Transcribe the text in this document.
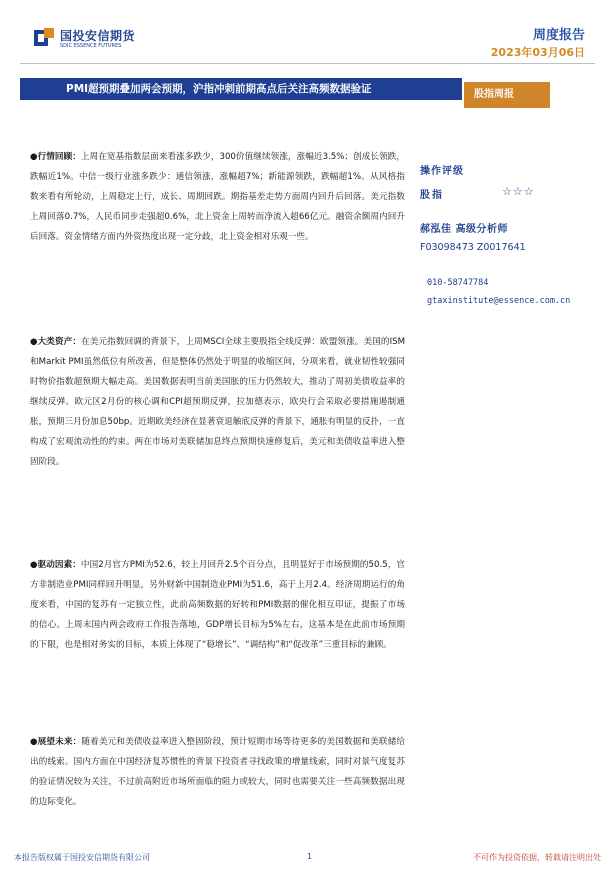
国投安信期货
SDIC ESSENCE FUTURES
周度报告
2023年03月06日
PMI超预期叠加两会预期，沪指冲刺前期高点后关注高频数据验证	股指周报
●行情回顾：上周在宽基指数层面来看涨多跌少，300价值继续领涨，涨幅近3.5%；创成长领跌，跌幅近1%。中信一级行业涨多跌少：通信领涨，涨幅超7%；新能源领跌，跌幅超1%。从风格指数来看有所轮动，上周稳定上行，成长、周期回跌。期指基差走势方面周内回升后回落。美元指数上周回落0.7%，人民币同步走强超0.6%，北上资金上周转而净流入超66亿元。融资余额周内回升后回落。资金情绪方面内外资热度出现一定分歧，北上资金相对乐观一些。
●大类资产：在美元指数回调的背景下，上周MSCI全球主要股指全线反弹：欧盟领涨。美国的ISM和Markit PMI虽然低位有所改善，但是整体仍然处于明显的收缩区间，分项来看，就业韧性较强同时物价指数超预期大幅走高。美国数据表明当前美国胀的压力仍然较大，推动了周初美债收益率的继续反弹。欧元区2月份的核心调和CPI超预期反弹，拉加德表示，欧央行会采取必要措施遏制通胀，预期三月份加息50bp。近期欧美经济在显著衰退触底反弹的背景下，通胀有明显的反扑，一直构成了宏观流动性的约束。两在市场对美联储加息终点预期快速修复后，美元和美债收益率进入整固阶段。
●驱动因素：中国2月官方PMI为52.6，较上月回升2.5个百分点，且明显好于市场预期的50.5，官方非制造业PMI同样回升明显，另外财新中国制造业PMI为51.6，高于上月2.4。经济周期运行的角度来看，中国的复苏有一定独立性，此前高频数据的好转和PMI数据的催化相互印证，提振了市场的信心。上周末国内两会政府工作报告落地，GDP增长目标为5%左右，这基本是在此前市场预期的下限，也是相对务实的目标，本质上体现了“稳增长”、“调结构”和“促改革”三重目标的兼顾。
●展望未来：随着美元和美债收益率进入整固阶段，预计短期市场等待更多的美国数据和美联储给出的线索。国内方面在中国经济复苏惯性的背景下投资者寻找政策的增量线索，同时对景气度复苏的验证情况较为关注，不过前高附近市场所面临的阻力或较大，同时也需要关注一些高频数据出现的边际变化。
操作评级
股指	☆☆☆
郝泓佳 高级分析师
F03098473 Z0017641
010-58747784
gtaxinstitute@essence.com.cn
本报告版权属于国投安信期货有限公司	1	不可作为投资依据，转载请注明出处
